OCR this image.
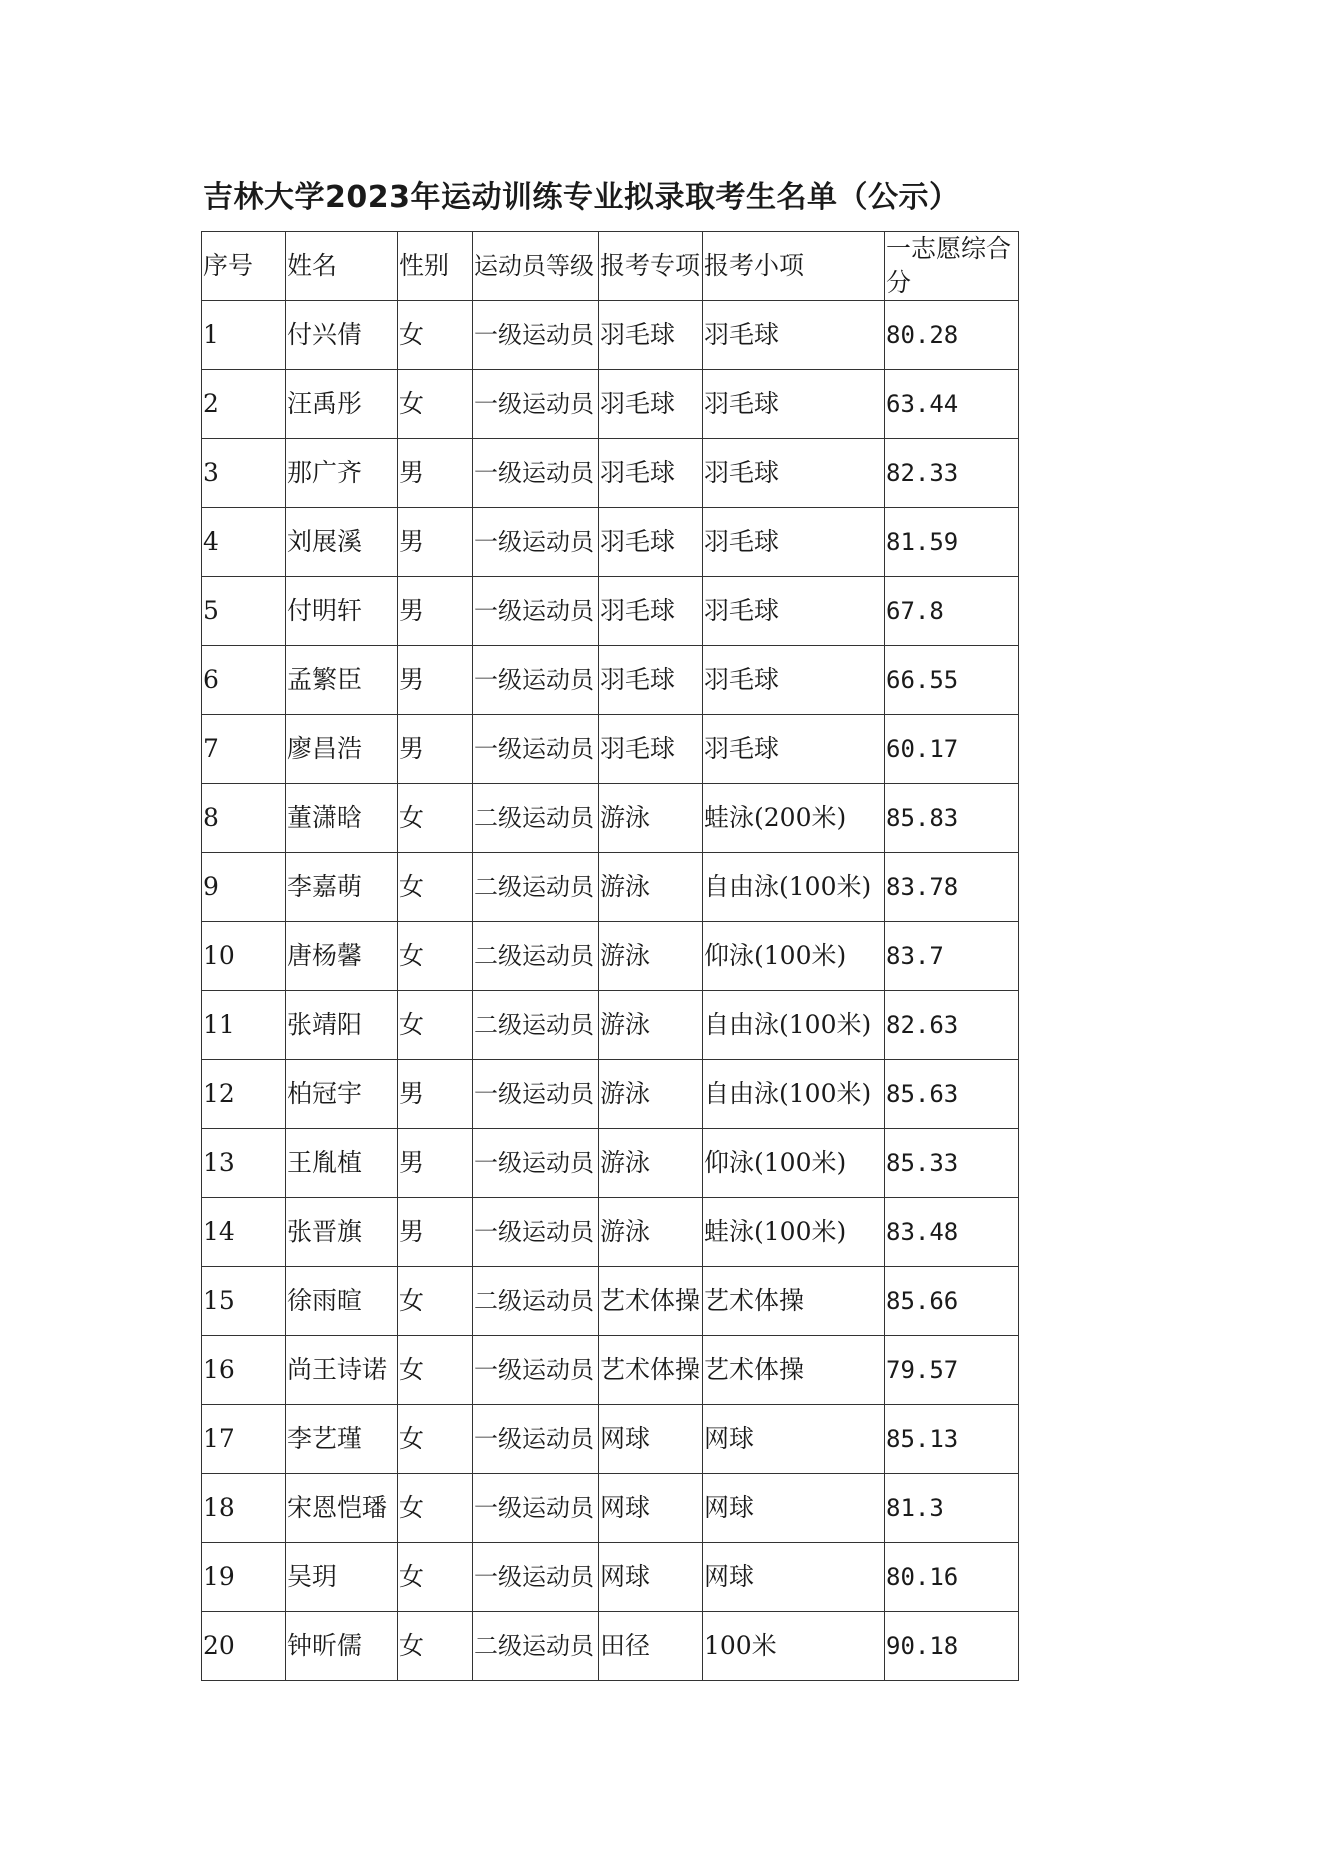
吉林大学2023年运动训练专业拟录取考生名单（公示）
序号	姓名	性别	运动员等级	报考专项	报考小项	一志愿综合分
1	付兴倩	女	一级运动员	羽毛球	羽毛球	80.28
2	汪禹彤	女	一级运动员	羽毛球	羽毛球	63.44
3	那广齐	男	一级运动员	羽毛球	羽毛球	82.33
4	刘展溪	男	一级运动员	羽毛球	羽毛球	81.59
5	付明轩	男	一级运动员	羽毛球	羽毛球	67.8
6	孟繁臣	男	一级运动员	羽毛球	羽毛球	66.55
7	廖昌浩	男	一级运动员	羽毛球	羽毛球	60.17
8	董潇晗	女	二级运动员	游泳	蛙泳(200米)	85.83
9	李嘉萌	女	二级运动员	游泳	自由泳(100米)	83.78
10	唐杨馨	女	二级运动员	游泳	仰泳(100米)	83.7
11	张靖阳	女	二级运动员	游泳	自由泳(100米)	82.63
12	柏冠宇	男	一级运动员	游泳	自由泳(100米)	85.63
13	王胤植	男	一级运动员	游泳	仰泳(100米)	85.33
14	张晋旗	男	一级运动员	游泳	蛙泳(100米)	83.48
15	徐雨暄	女	二级运动员	艺术体操	艺术体操	85.66
16	尚王诗诺	女	一级运动员	艺术体操	艺术体操	79.57
17	李艺瑾	女	一级运动员	网球	网球	85.13
18	宋恩恺璠	女	一级运动员	网球	网球	81.3
19	吴玥	女	一级运动员	网球	网球	80.16
20	钟昕儒	女	二级运动员	田径	100米	90.18
